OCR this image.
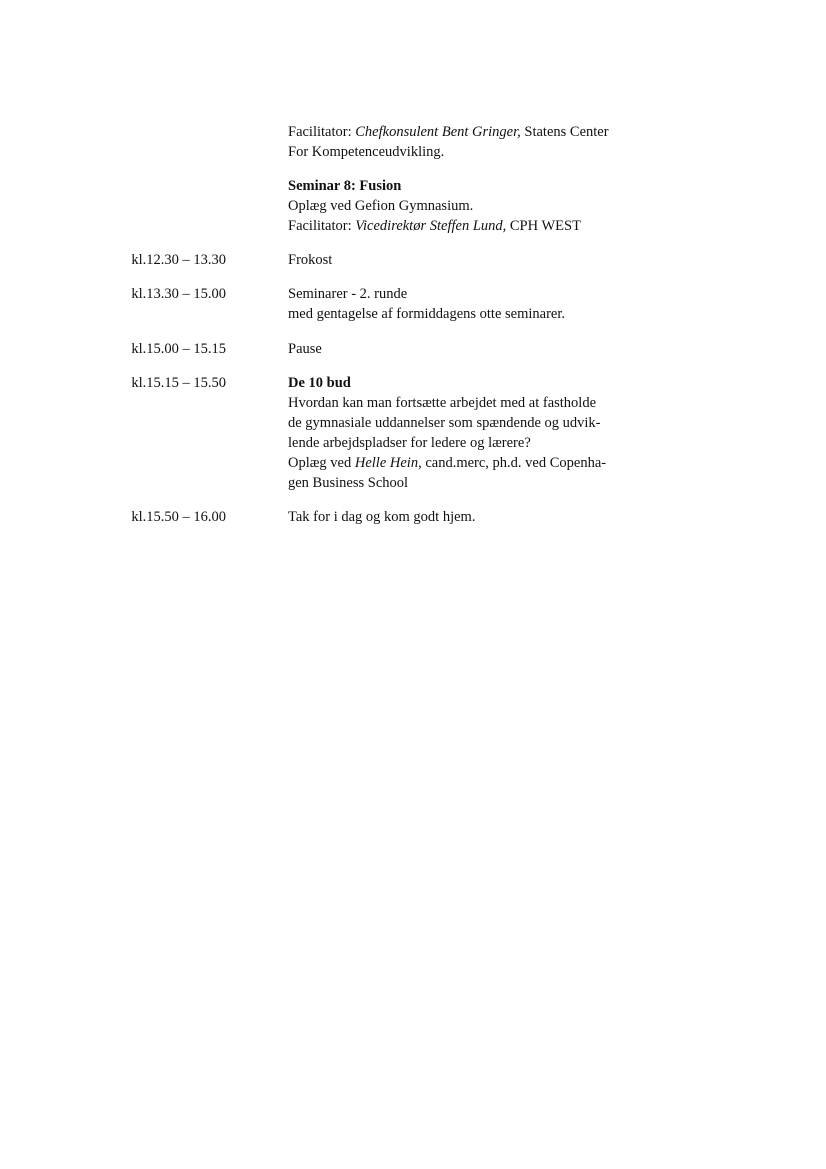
Facilitator: Chefkonsulent Bent Gringer, Statens Center
For Kompetenceudvikling.
Seminar 8: Fusion
Oplæg ved Gefion Gymnasium.
Facilitator: Vicedirektør Steffen Lund, CPH WEST
kl.12.30 – 13.30	Frokost
kl.13.30 – 15.00	Seminarer - 2. runde
med gentagelse af formiddagens otte seminarer.
kl.15.00 – 15.15	Pause
kl.15.15 – 15.50	De 10 bud
Hvordan kan man fortsætte arbejdet med at fastholde
de gymnasiale uddannelser som spændende og udvik-
lende arbejdspladser for ledere og lærere?
Oplæg ved Helle Hein, cand.merc, ph.d. ved Copenha-
gen Business School
kl.15.50 – 16.00	Tak for i dag og kom godt hjem.
